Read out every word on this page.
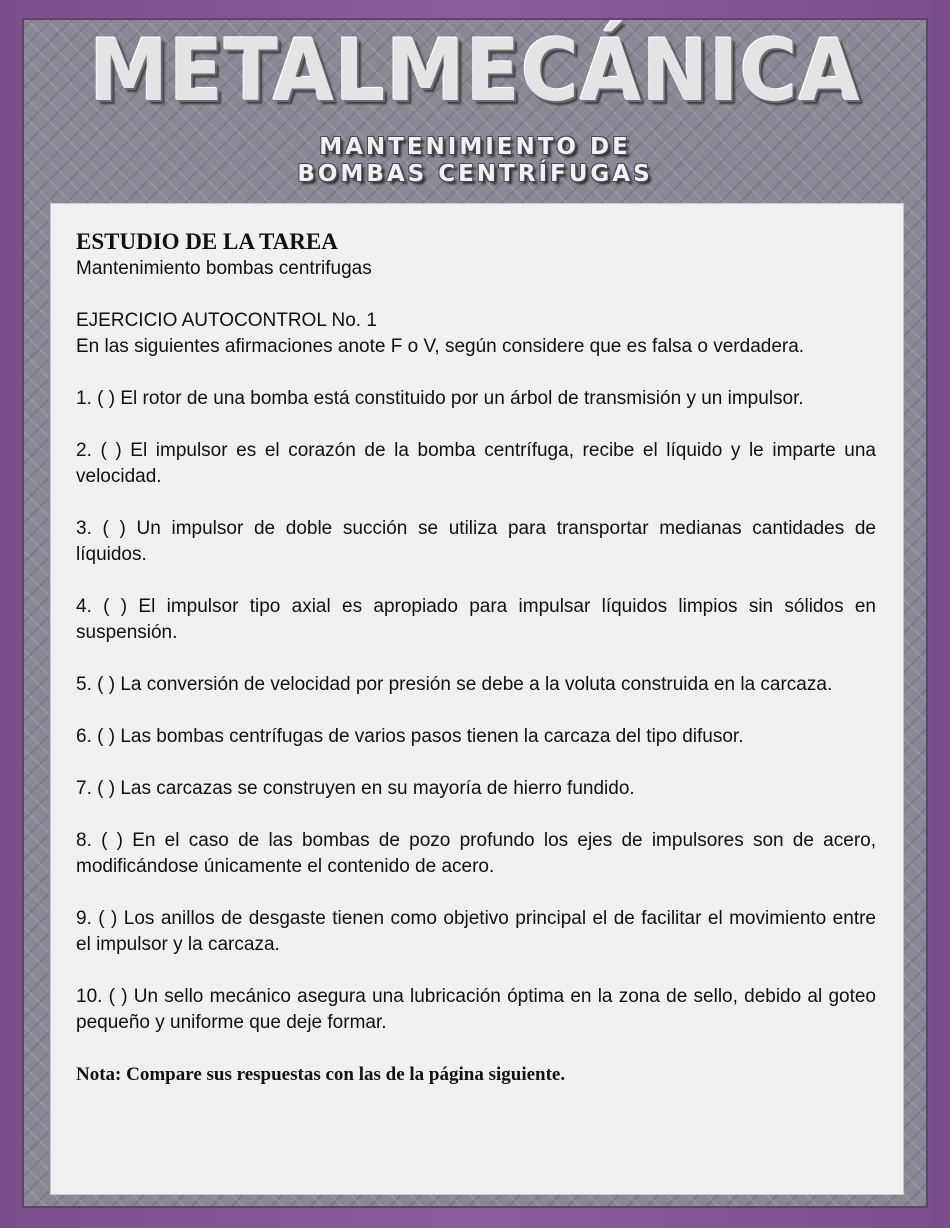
METALMECÁNICA
MANTENIMIENTO DE
BOMBAS CENTRÍFUGAS

ESTUDIO DE LA TAREA

Mantenimiento bombas centrifugas

EJERCICIO AUTOCONTROL No. 1

En las siguientes afirmaciones anote F o V, según considere que es falsa o verdadera.

1. ( ) El rotor de una bomba está constituido por un árbol de transmisión y un impulsor.

2. ( ) El impulsor es el corazón de la bomba centrífuga, recibe el líquido y le imparte una velocidad.

3. ( ) Un impulsor de doble succión se utiliza para transportar medianas cantidades de líquidos.

4. ( ) El impulsor tipo axial es apropiado para impulsar líquidos limpios sin sólidos en suspensión.

5. ( ) La conversión de velocidad por presión se debe a la voluta construida en la carcaza.

6. ( ) Las bombas centrífugas de varios pasos tienen la carcaza del tipo difusor.

7. ( ) Las carcazas se construyen en su mayoría de hierro fundido.

8. ( ) En el caso de las bombas de pozo profundo los ejes de impulsores son de acero, modificándose únicamente el contenido de acero.

9. ( ) Los anillos de desgaste tienen como objetivo principal el de facilitar el movimiento entre el impulsor y la carcaza.

10. ( ) Un sello mecánico asegura una lubricación óptima en la zona de sello, debido al goteo pequeño y uniforme que deje formar.

Nota: Compare sus respuestas con las de la página siguiente.
